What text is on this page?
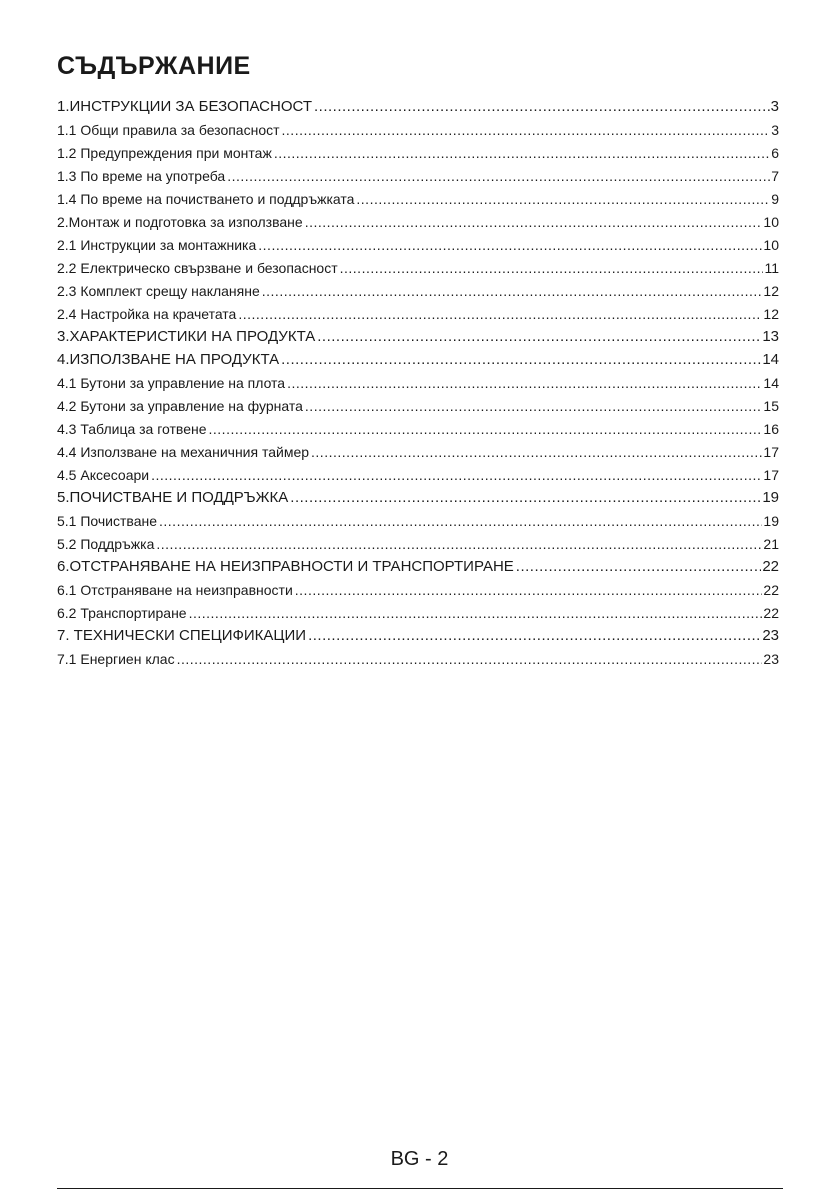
СЪДЪРЖАНИЕ
1.ИНСТРУКЦИИ ЗА БЕЗОПАСНОСТ .....	3
1.1 Общи правила за безопасност .....	3
1.2 Предупреждения при монтаж .....	6
1.3 По време на употреба .....	7
1.4 По време на почистването и поддръжката .....	9
2.Монтаж и подготовка за използване .....	10
2.1 Инструкции за монтажника .....	10
2.2 Електрическо свързване и безопасност .....	11
2.3 Комплект срещу накланяне .....	12
2.4 Настройка на крачетата .....	12
3.ХАРАКТЕРИСТИКИ НА ПРОДУКТА .....	13
4.ИЗПОЛЗВАНЕ НА ПРОДУКТА .....	14
4.1 Бутони за управление на плота .....	14
4.2 Бутони за управление на фурната .....	15
4.3 Таблица за готвене .....	16
4.4 Използване на механичния таймер .....	17
4.5 Аксесоари .....	17
5.ПОЧИСТВАНЕ И ПОДДРЪЖКА .....	19
5.1 Почистване .....	19
5.2 Поддръжка .....	21
6.ОТСТРАНЯВАНЕ НА НЕИЗПРАВНОСТИ И ТРАНСПОРТИРАНЕ .....	22
6.1 Отстраняване на неизправности .....	22
6.2 Транспортиране .....	22
7. ТЕХНИЧЕСКИ СПЕЦИФИКАЦИИ .....	23
7.1 Енергиен клас .....	23
BG - 2
